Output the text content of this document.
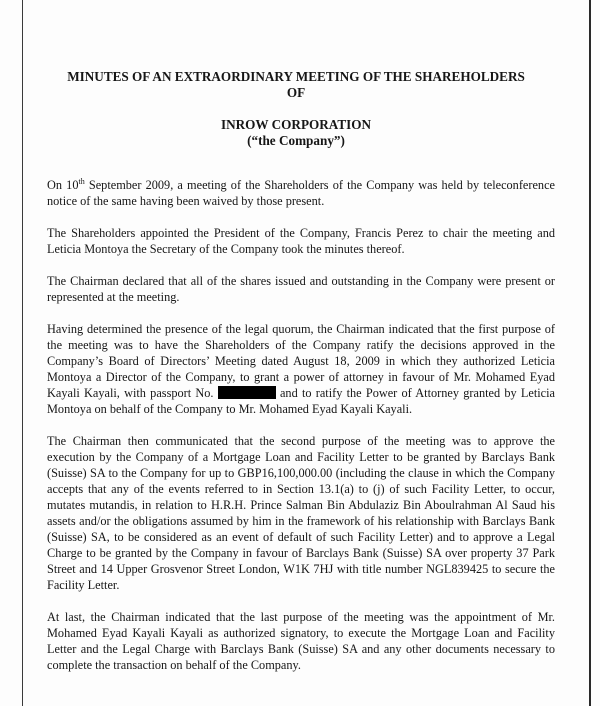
MINUTES OF AN EXTRAORDINARY MEETING OF THE SHAREHOLDERS
OF
INROW CORPORATION
(“the Company”)

On 10th September 2009, a meeting of the Shareholders of the Company was held by teleconference notice of the same having been waived by those present.

The Shareholders appointed the President of the Company, Francis Perez to chair the meeting and Leticia Montoya the Secretary of the Company took the minutes thereof.

The Chairman declared that all of the shares issued and outstanding in the Company were present or represented at the meeting.

Having determined the presence of the legal quorum, the Chairman indicated that the first purpose of the meeting was to have the Shareholders of the Company ratify the decisions approved in the Company’s Board of Directors’ Meeting dated August 18, 2009 in which they authorized Leticia Montoya a Director of the Company, to grant a power of attorney in favour of Mr. Mohamed Eyad Kayali Kayali, with passport No.	and to ratify the Power of Attorney granted by Leticia Montoya on behalf of the Company to Mr. Mohamed Eyad Kayali Kayali.

The Chairman then communicated that the second purpose of the meeting was to approve the execution by the Company of a Mortgage Loan and Facility Letter to be granted by Barclays Bank (Suisse) SA to the Company for up to GBP16,100,000.00 (including the clause in which the Company accepts that any of the events referred to in Section 13.1(a) to (j) of such Facility Letter, to occur, mutates mutandis, in relation to H.R.H. Prince Salman Bin Abdulaziz Bin Aboulrahman Al Saud his assets and/or the obligations assumed by him in the framework of his relationship with Barclays Bank (Suisse) SA, to be considered as an event of default of such Facility Letter) and to approve a Legal Charge to be granted by the Company in favour of Barclays Bank (Suisse) SA over property 37 Park Street and 14 Upper Grosvenor Street London, W1K 7HJ with title number NGL839425 to secure the Facility Letter.

At last, the Chairman indicated that the last purpose of the meeting was the appointment of Mr. Mohamed Eyad Kayali Kayali as authorized signatory, to execute the Mortgage Loan and Facility Letter and the Legal Charge with Barclays Bank (Suisse) SA and any other documents necessary to complete the transaction on behalf of the Company.
